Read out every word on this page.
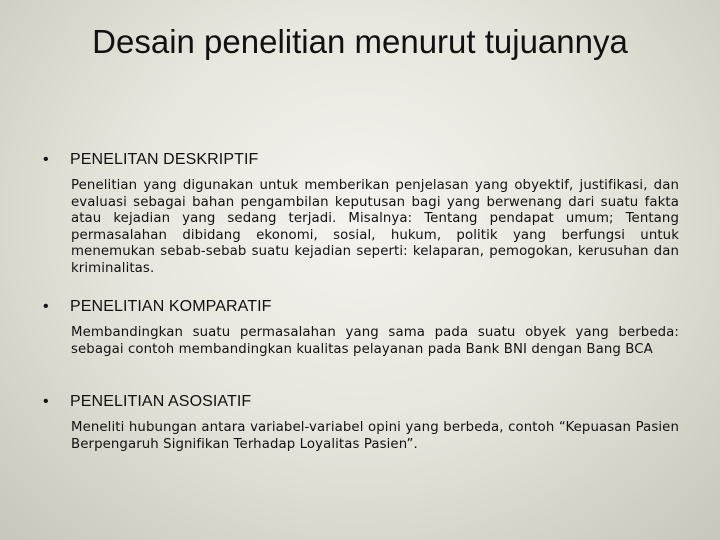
Desain penelitian menurut tujuannya
•	PENELITAN DESKRIPTIF
Penelitian yang digunakan untuk memberikan penjelasan yang obyektif, justifikasi, dan evaluasi sebagai bahan pengambilan keputusan bagi yang berwenang dari suatu fakta atau kejadian yang sedang terjadi. Misalnya: Tentang pendapat umum; Tentang permasalahan dibidang ekonomi, sosial, hukum, politik yang berfungsi untuk menemukan sebab-sebab suatu kejadian seperti: kelaparan, pemogokan, kerusuhan dan kriminalitas.
•	PENELITIAN KOMPARATIF
Membandingkan suatu permasalahan yang sama pada suatu obyek yang berbeda: sebagai contoh membandingkan kualitas pelayanan pada Bank BNI dengan Bang BCA
•	PENELITIAN ASOSIATIF
Meneliti hubungan antara variabel-variabel opini yang berbeda, contoh “Kepuasan Pasien Berpengaruh Signifikan Terhadap Loyalitas Pasien”.
